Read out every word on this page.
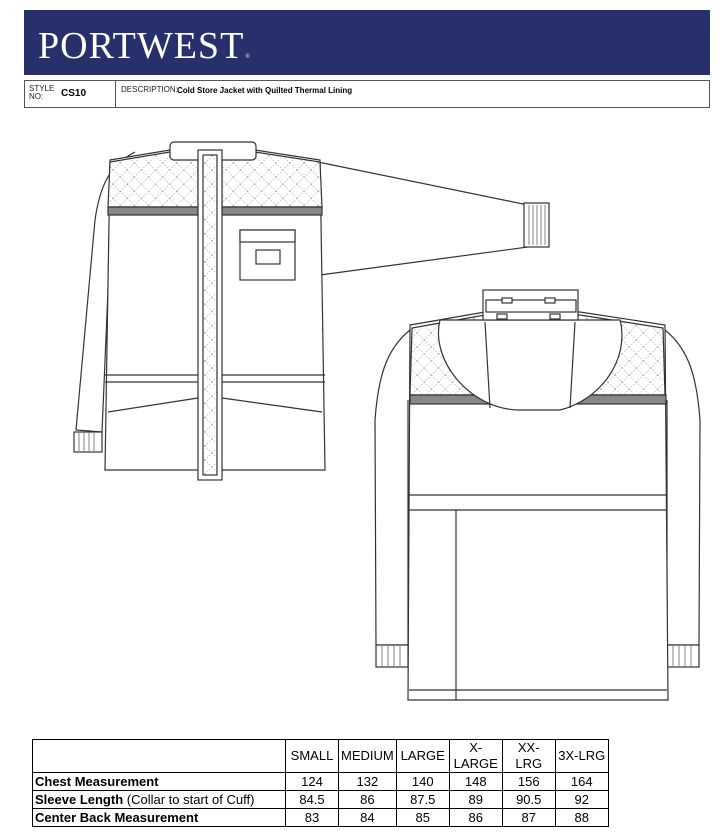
PORTWEST®
STYLE NO:	CS10	DESCRIPTION: Cold Store Jacket with Quilted Thermal Lining
	SMALL	MEDIUM	LARGE	X-LARGE	XX-LRG	3X-LRG
Chest Measurement	124	132	140	148	156	164
Sleeve Length (Collar to start of Cuff)	84.5	86	87.5	89	90.5	92
Center Back Measurement	83	84	85	86	87	88
